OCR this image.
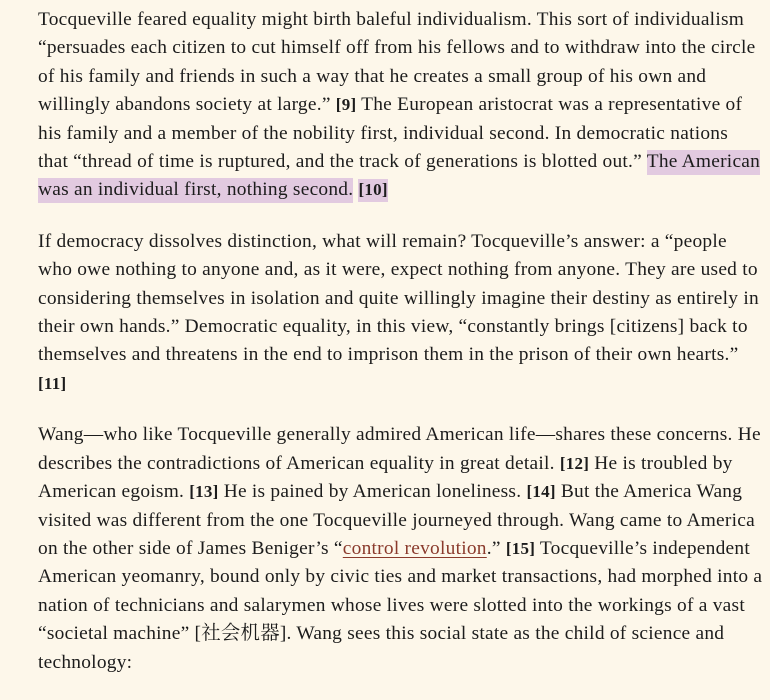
Tocqueville feared equality might birth baleful individualism. This sort of individualism “persuades each citizen to cut himself off from his fellows and to withdraw into the circle of his family and friends in such a way that he creates a small group of his own and willingly abandons society at large.” [9] The European aristocrat was a representative of his family and a member of the nobility first, individual second. In democratic nations that “thread of time is ruptured, and the track of generations is blotted out.” The American was an individual first, nothing second. [10]

If democracy dissolves distinction, what will remain? Tocqueville’s answer: a “people who owe nothing to anyone and, as it were, expect nothing from anyone. They are used to considering themselves in isolation and quite willingly imagine their destiny as entirely in their own hands.” Democratic equality, in this view, “constantly brings [citizens] back to themselves and threatens in the end to imprison them in the prison of their own hearts.” [11]

Wang—who like Tocqueville generally admired American life—shares these concerns. He describes the contradictions of American equality in great detail. [12] He is troubled by American egoism. [13] He is pained by American loneliness. [14] But the America Wang visited was different from the one Tocqueville journeyed through. Wang came to America on the other side of James Beniger’s “control revolution.” [15] Tocqueville’s independent American yeomanry, bound only by civic ties and market transactions, had morphed into a nation of technicians and salarymen whose lives were slotted into the workings of a vast “societal machine” [社会机器]. Wang sees this social state as the child of science and technology:
